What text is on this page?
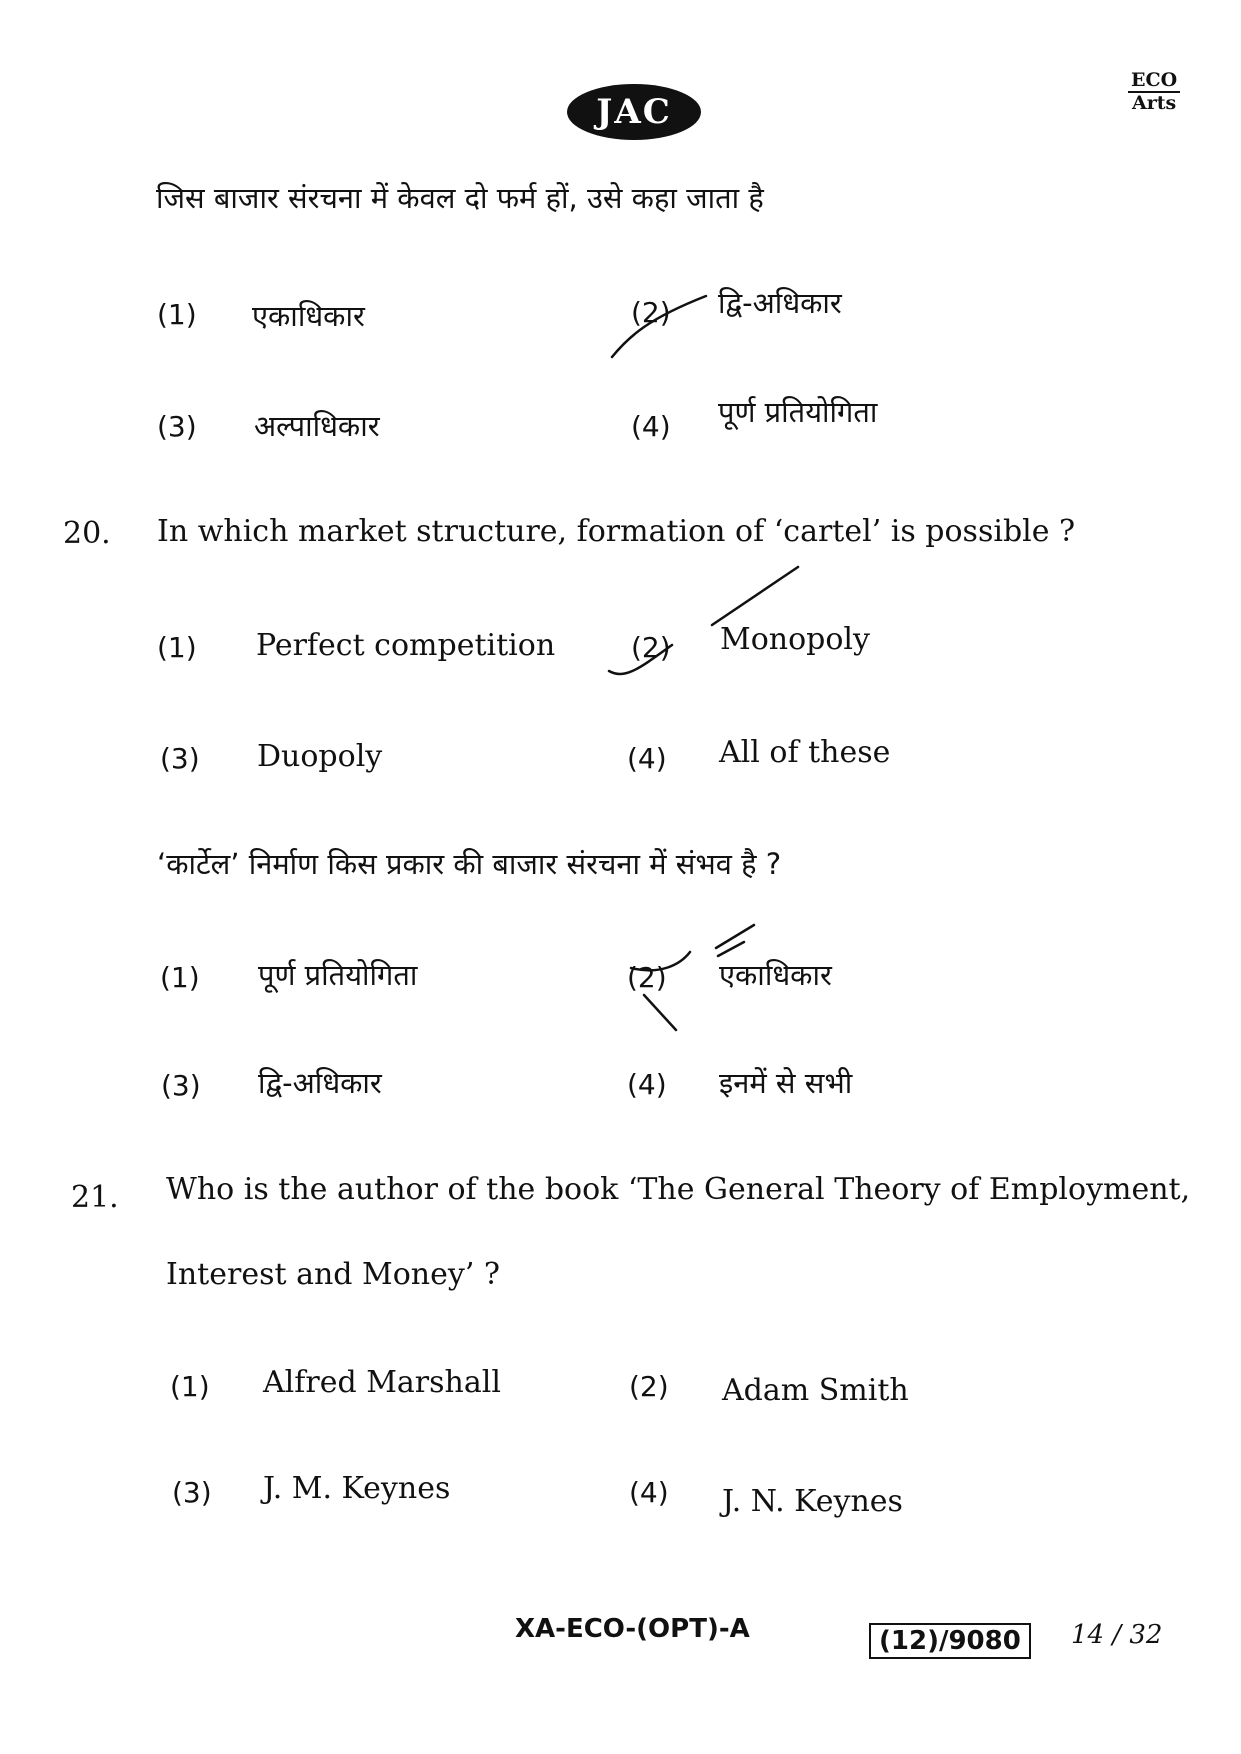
JAC
ECO
Arts
जिस बाजार संरचना में केवल दो फर्म हों, उसे कहा जाता है
(1) एकाधिकार	(2) द्वि-अधिकार
(3) अल्पाधिकार	(4) पूर्ण प्रतियोगिता
20. In which market structure, formation of ‘cartel’ is possible ?
(1) Perfect competition	(2) Monopoly
(3) Duopoly	(4) All of these
‘कार्टेल’ निर्माण किस प्रकार की बाजार संरचना में संभव है ?
(1) पूर्ण प्रतियोगिता	(2) एकाधिकार
(3) द्वि-अधिकार	(4) इनमें से सभी
21. Who is the author of the book ‘The General Theory of Employment,
Interest and Money’ ?
(1) Alfred Marshall	(2) Adam Smith
(3) J. M. Keynes	(4) J. N. Keynes
XA-ECO-(OPT)-A	(12)/9080	14 / 32
